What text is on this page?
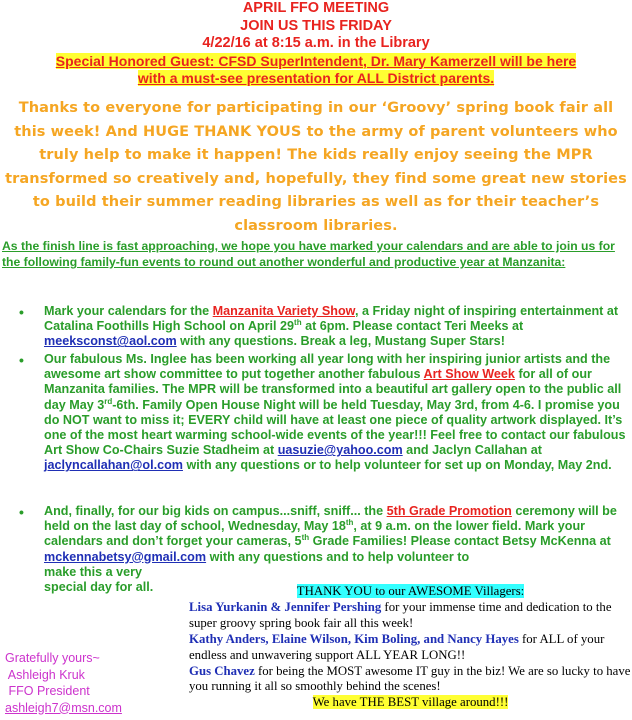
APRIL FFO MEETING
JOIN US THIS FRIDAY
4/22/16 at 8:15 a.m. in the Library
Special Honored Guest: CFSD SuperIntendent, Dr. Mary Kamerzell will be here
with a must-see presentation for ALL District parents.
Thanks to everyone for participating in our ‘Groovy’ spring book fair all this week! And HUGE THANK YOUS to the army of parent volunteers who truly help to make it happen! The kids really enjoy seeing the MPR transformed so creatively and, hopefully, they find some great new stories to build their summer reading libraries as well as for their teacher’s classroom libraries.
As the finish line is fast approaching, we hope you have marked your calendars and are able to join us for the following family-fun events to round out another wonderful and productive year at Manzanita:
• Mark your calendars for the Manzanita Variety Show, a Friday night of inspiring entertainment at Catalina Foothills High School on April 29th at 6pm. Please contact Teri Meeks at meeksconst@aol.com with any questions. Break a leg, Mustang Super Stars!
• Our fabulous Ms. Inglee has been working all year long with her inspiring junior artists and the awesome art show committee to put together another fabulous Art Show Week for all of our Manzanita families. The MPR will be transformed into a beautiful art gallery open to the public all day May 3rd-6th. Family Open House Night will be held Tuesday, May 3rd, from 4-6. I promise you do NOT want to miss it; EVERY child will have at least one piece of quality artwork displayed. It’s one of the most heart warming school-wide events of the year!!! Feel free to contact our fabulous Art Show Co-Chairs Suzie Stadheim at uasuzie@yahoo.com and Jaclyn Callahan at jaclyncallahan@ol.com with any questions or to help volunteer for set up on Monday, May 2nd.
• And, finally, for our big kids on campus...sniff, sniff... the 5th Grade Promotion ceremony will be held on the last day of school, Wednesday, May 18th, at 9 a.m. on the lower field. Mark your calendars and don’t forget your cameras, 5th Grade Families! Please contact Betsy McKenna at mckennabetsy@gmail.com with any questions and to help volunteer to
make this a very
special day for all.	THANK YOU to our AWESOME Villagers:
Lisa Yurkanin & Jennifer Pershing for your immense time and dedication to the super groovy spring book fair all this week!
Kathy Anders, Elaine Wilson, Kim Boling, and Nancy Hayes for ALL of your endless and unwavering support ALL YEAR LONG!!
Gus Chavez for being the MOST awesome IT guy in the biz! We are so lucky to have you running it all so smoothly behind the scenes!
We have THE BEST village around!!!
Gratefully yours~
Ashleigh Kruk
FFO President
ashleigh7@msn.com
